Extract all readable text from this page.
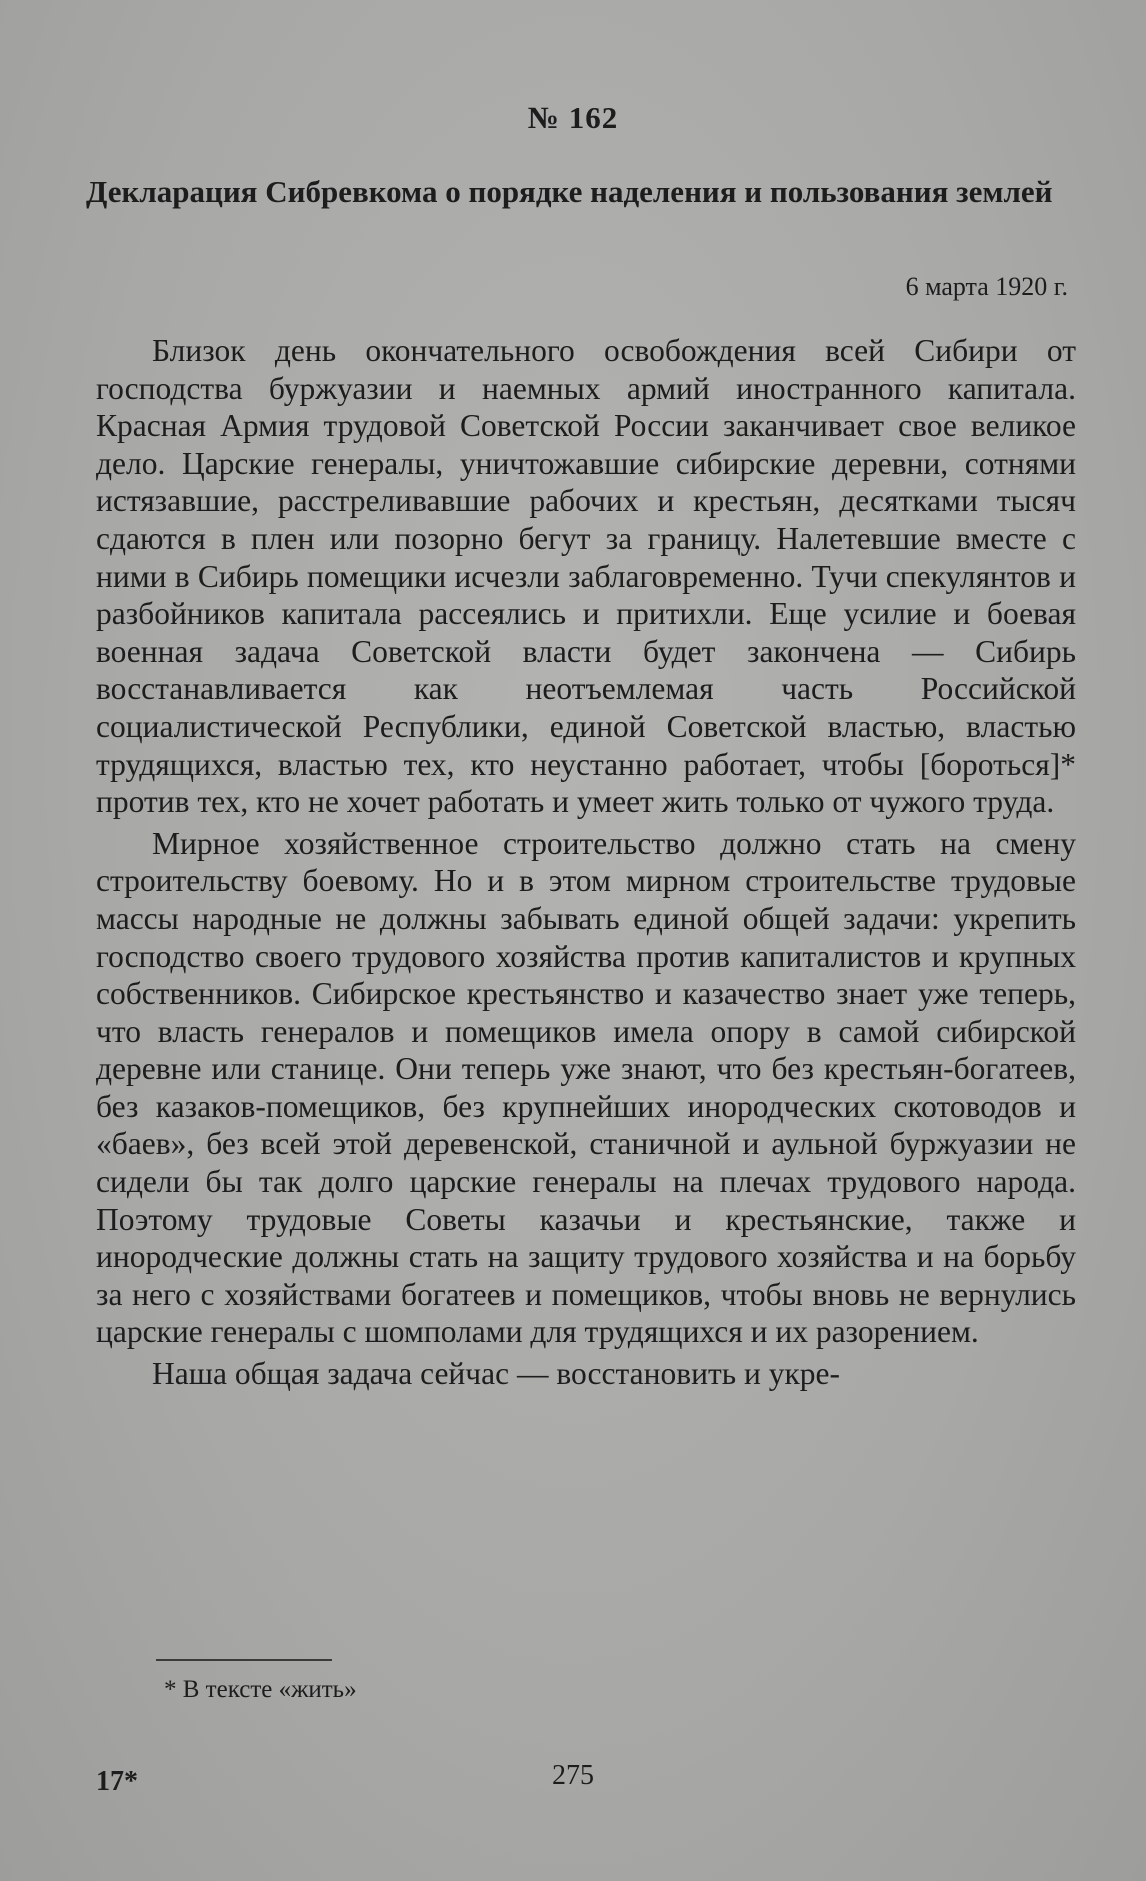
№ 162
Декларация Сибревкома о порядке наделения и пользования землей
6 марта 1920 г.

Близок день окончательного освобождения всей Сибири от господства буржуазии и наемных армий иностранного капитала. Красная Армия трудовой Советской России заканчивает свое великое дело. Царские генералы, уничтожавшие сибирские деревни, сотнями истязавшие, расстреливавшие рабочих и крестьян, десятками тысяч сдаются в плен или позорно бегут за границу. Налетевшие вместе с ними в Сибирь помещики исчезли заблаговременно. Тучи спекулянтов и разбойников капитала рассеялись и притихли. Еще усилие и боевая военная задача Советской власти будет закончена — Сибирь восстанавливается как неотъемлемая часть Российской социалистической Республики, единой Советской властью, властью трудящихся, властью тех, кто неустанно работает, чтобы [бороться]* против тех, кто не хочет работать и умеет жить только от чужого труда.

Мирное хозяйственное строительство должно стать на смену строительству боевому. Но и в этом мирном строительстве трудовые массы народные не должны забывать единой общей задачи: укрепить господство своего трудового хозяйства против капиталистов и крупных собственников. Сибирское крестьянство и казачество знает уже теперь, что власть генералов и помещиков имела опору в самой сибирской деревне или станице. Они теперь уже знают, что без крестьян-богатеев, без казаков-помещиков, без крупнейших инородческих скотоводов и «баев», без всей этой деревенской, станичной и аульной буржуазии не сидели бы так долго царские генералы на плечах трудового народа. Поэтому трудовые Советы казачьи и крестьянские, также и инородческие должны стать на защиту трудового хозяйства и на борьбу за него с хозяйствами богатеев и помещиков, чтобы вновь не вернулись царские генералы с шомполами для трудящихся и их разорением.

Наша общая задача сейчас — восстановить и укре-

* В тексте «жить»
17*	275
